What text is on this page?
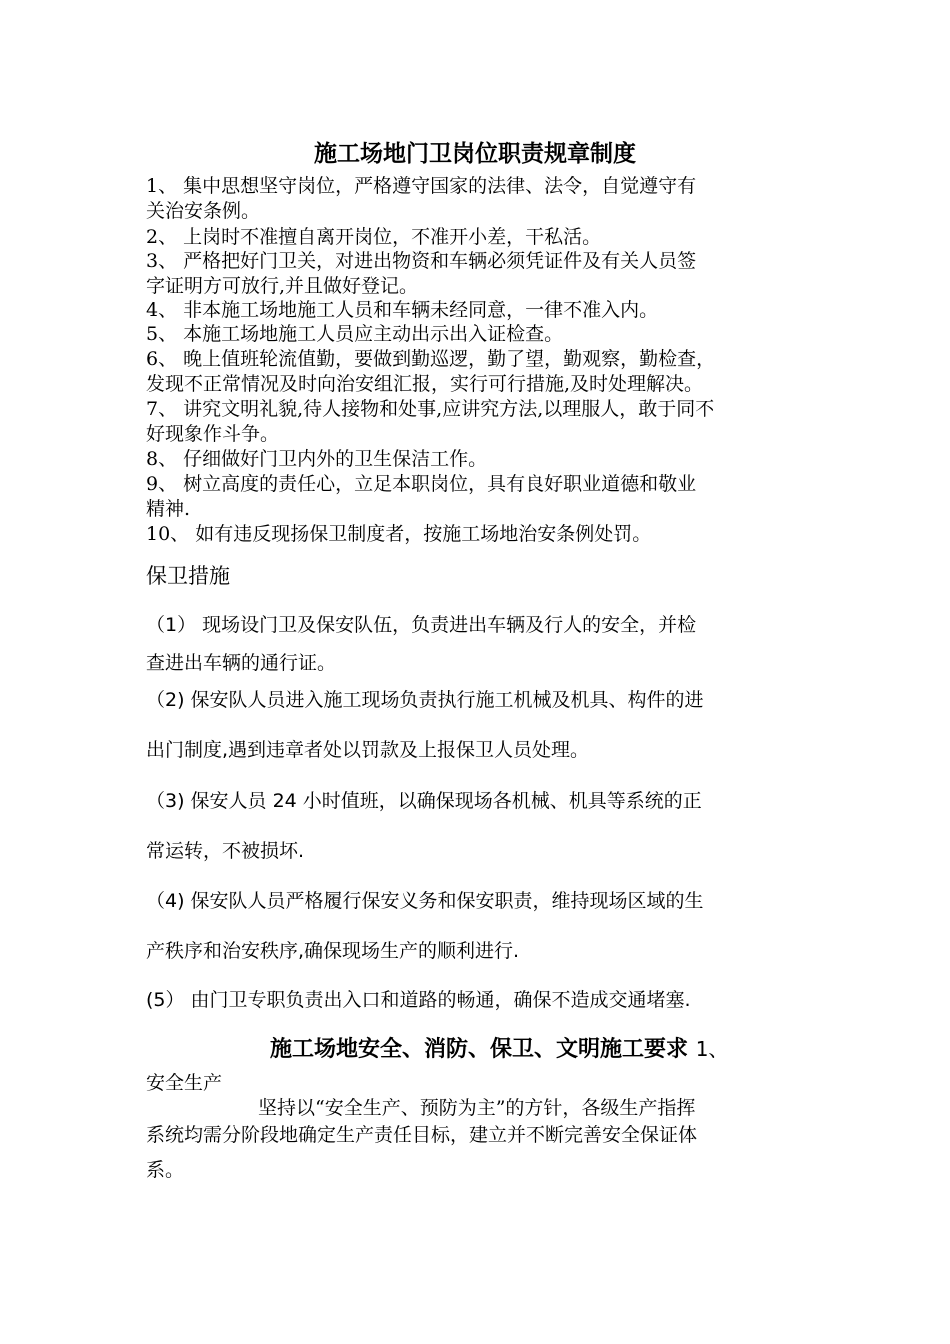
施工场地门卫岗位职责规章制度
1、 集中思想坚守岗位，严格遵守国家的法律、法令，自觉遵守有
关治安条例。
2、 上岗时不准擅自离开岗位，不准开小差，干私活。
3、 严格把好门卫关，对进出物资和车辆必须凭证件及有关人员签
字证明方可放行,并且做好登记。
4、 非本施工场地施工人员和车辆未经同意，一律不准入内。
5、 本施工场地施工人员应主动出示出入证检查。
6、 晚上值班轮流值勤，要做到勤巡逻，勤了望，勤观察，勤检查，
发现不正常情况及时向治安组汇报，实行可行措施,及时处理解决。
7、 讲究文明礼貌,待人接物和处事,应讲究方法,以理服人，敢于同不
好现象作斗争。
8、 仔细做好门卫内外的卫生保洁工作。
9、 树立高度的责任心，立足本职岗位，具有良好职业道德和敬业
精神.
10、 如有违反现扬保卫制度者，按施工场地治安条例处罚。
保卫措施
（1） 现场设门卫及保安队伍，负责进出车辆及行人的安全，并检
查进出车辆的通行证。
（2) 保安队人员进入施工现场负责执行施工机械及机具、构件的进
出门制度,遇到违章者处以罚款及上报保卫人员处理。
（3) 保安人员 24 小时值班，以确保现场各机械、机具等系统的正
常运转，不被损坏.
（4) 保安队人员严格履行保安义务和保安职责，维持现场区域的生
产秩序和治安秩序,确保现场生产的顺利进行.
(5） 由门卫专职负责出入口和道路的畅通，确保不造成交通堵塞.
施工场地安全、消防、保卫、文明施工要求 1、
安全生产
坚持以“安全生产、预防为主”的方针，各级生产指挥
系统均需分阶段地确定生产责任目标，建立并不断完善安全保证体
系。
